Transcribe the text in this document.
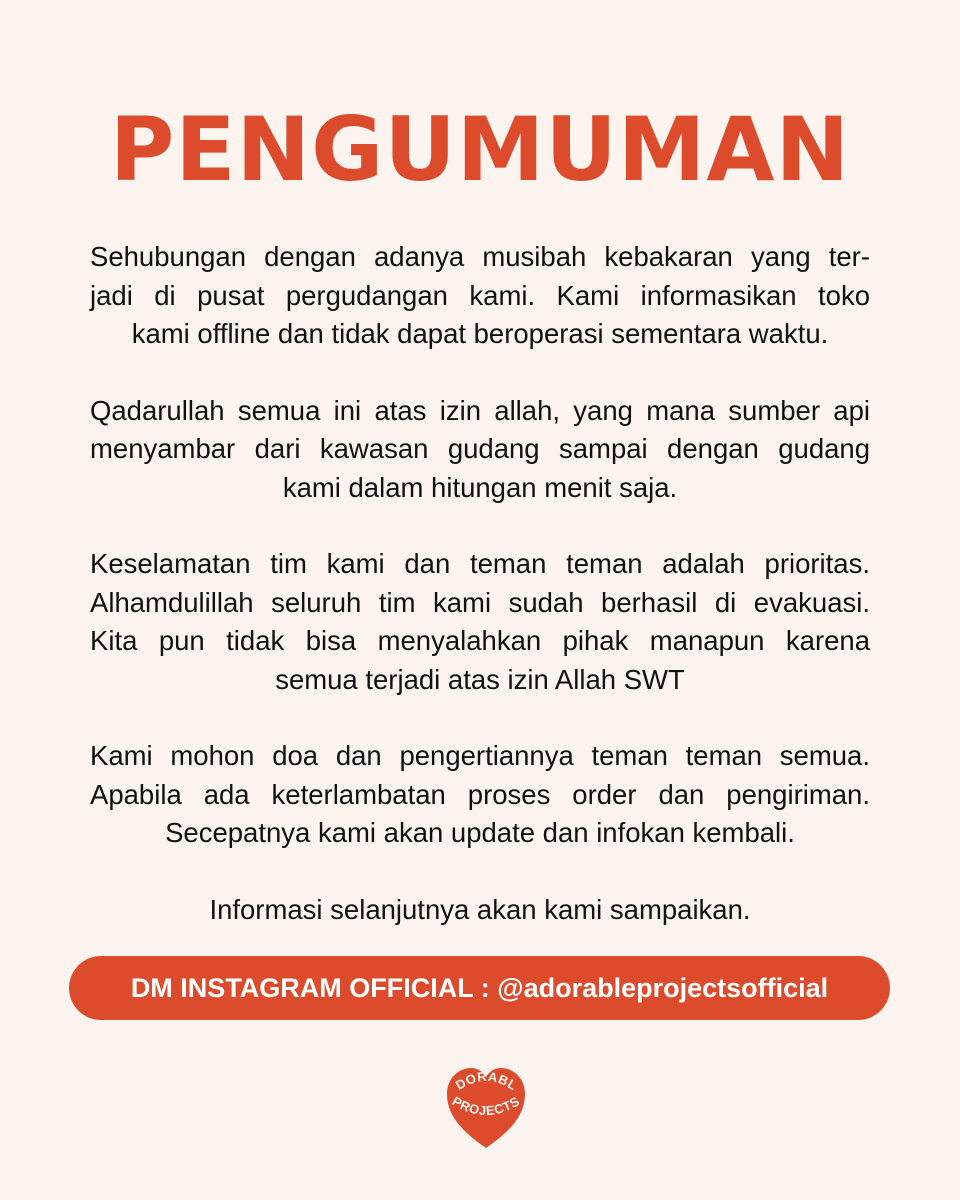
PENGUMUMAN

Sehubungan dengan adanya musibah kebakaran yang ter-
jadi di pusat pergudangan kami. Kami informasikan toko
kami offline dan tidak dapat beroperasi sementara waktu.

Qadarullah semua ini atas izin allah, yang mana sumber api
menyambar dari kawasan gudang sampai dengan gudang
kami dalam hitungan menit saja.

Keselamatan tim kami dan teman teman adalah prioritas.
Alhamdulillah seluruh tim kami sudah berhasil di evakuasi.
Kita pun tidak bisa menyalahkan pihak manapun karena
semua terjadi atas izin Allah SWT

Kami mohon doa dan pengertiannya teman teman semua.
Apabila ada keterlambatan proses order dan pengiriman.
Secepatnya kami akan update dan infokan kembali.

Informasi selanjutnya akan kami sampaikan.

DM INSTAGRAM OFFICIAL : @adorableprojectsofficial
DORABL
PROJECTS
